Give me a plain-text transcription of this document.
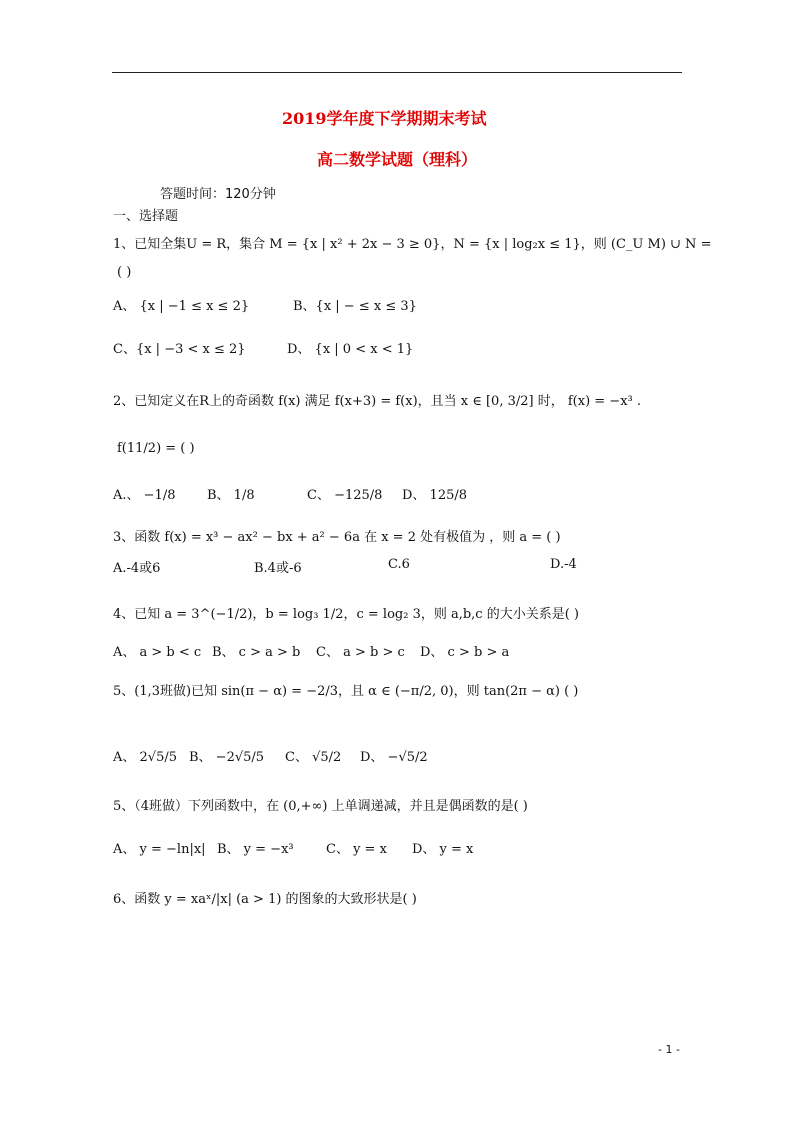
2019学年度下学期期末考试
高二数学试题（理科）
答题时间：120分钟
一、选择题
1、已知全集U = R，集合 M = {x | x² + 2x − 3 ≥ 0}，N = {x | log₂x ≤ 1}，则 (C_U M) ∪ N =
( )
A、 {x | −1 ≤ x ≤ 2}	B、{x | − ≤ x ≤ 3}
C、{x | −3 < x ≤ 2}	D、 {x | 0 < x < 1}
2、已知定义在R上的奇函数 f(x) 满足 f(x+3) = f(x)，且当 x ∈ [0, 3/2] 时， f(x) = −x³ .
f(11/2) = ( )
A.、 −1/8 B、 1/8	C、 −125/8 D、 125/8
3、函数 f(x) = x³ − ax² − bx + a² − 6a 在 x = 2 处有极值为 ，则 a = ( )
A.-4或6	B.4或-6	C.6	D.-4
4、已知 a = 3^(−1/2)，b = log₃ 1/2，c = log₂ 3，则 a,b,c 的大小关系是( )
A、 a > b < c B、 c > a > b C、 a > b > c D、 c > b > a
5、(1,3班做)已知 sin(π − α) = −2/3，且 α ∈ (−π/2, 0)，则 tan(2π − α) ( )
A、 2√5/5 B、 −2√5/5 C、 √5/2 D、 −√5/2
5、（4班做）下列函数中，在 (0,+∞) 上单调递减，并且是偶函数的是( )
A、 y = −ln|x| B、 y = −x³ C、 y = x D、 y = x
6、函数 y = xaˣ/|x| (a > 1) 的图象的大致形状是( )
- 1 -
